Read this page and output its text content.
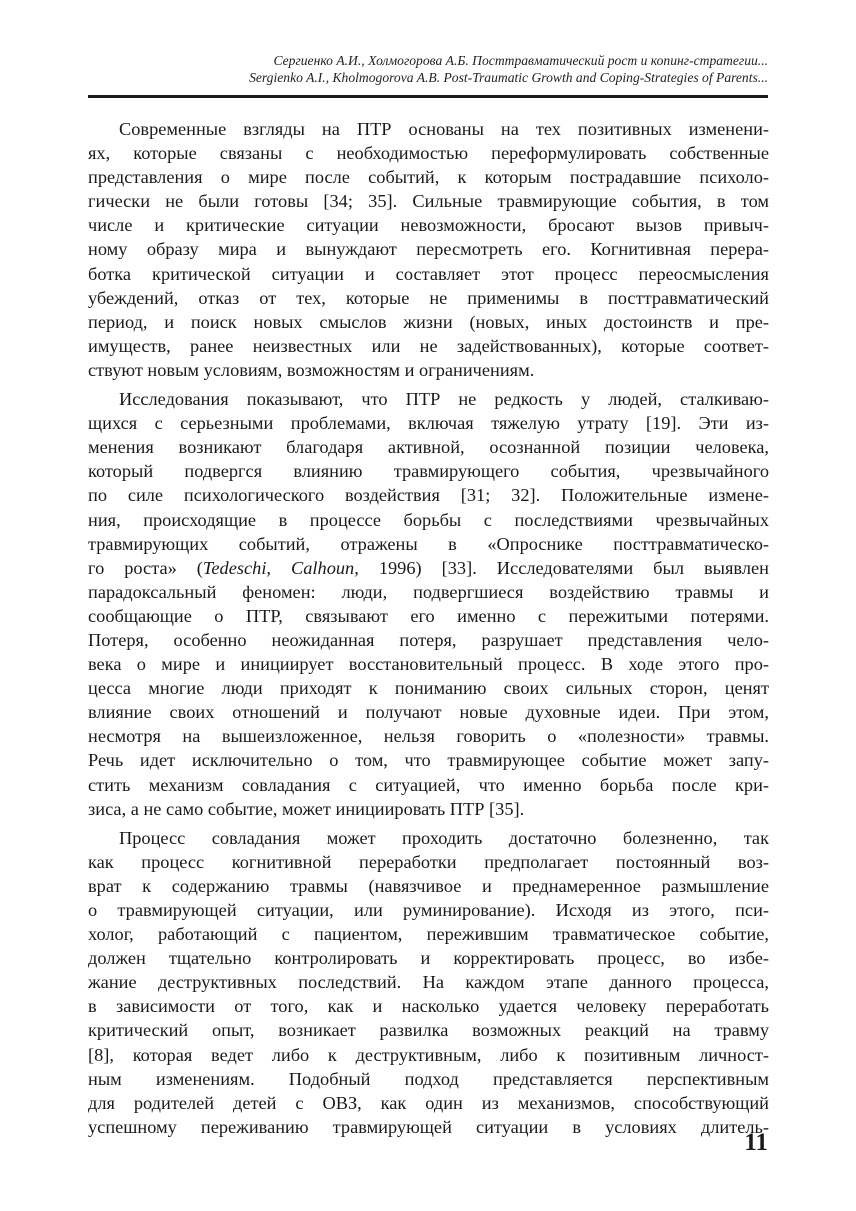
Сергиенко А.И., Холмогорова А.Б. Посттравматический рост и копинг-стратегии...
Sergienko A.I., Kholmogorova A.B. Post-Traumatic Growth and Coping-Strategies of Parents...
Современные взгляды на ПТР основаны на тех позитивных изменени-
ях, которые связаны с необходимостью переформулировать собственные
представления о мире после событий, к которым пострадавшие психоло-
гически не были готовы [34; 35]. Сильные травмирующие события, в том
числе и критические ситуации невозможности, бросают вызов привыч-
ному образу мира и вынуждают пересмотреть его. Когнитивная перера-
ботка критической ситуации и составляет этот процесс переосмысления
убеждений, отказ от тех, которые не применимы в посттравматический
период, и поиск новых смыслов жизни (новых, иных достоинств и пре-
имуществ, ранее неизвестных или не задействованных), которые соответ-
ствуют новым условиям, возможностям и ограничениям.
Исследования показывают, что ПТР не редкость у людей, сталкиваю-
щихся с серьезными проблемами, включая тяжелую утрату [19]. Эти из-
менения возникают благодаря активной, осознанной позиции человека,
который подвергся влиянию травмирующего события, чрезвычайного
по силе психологического воздействия [31; 32]. Положительные измене-
ния, происходящие в процессе борьбы с последствиями чрезвычайных
травмирующих событий, отражены в «Опроснике посттравматическо-
го роста» (Tedeschi, Calhoun, 1996) [33]. Исследователями был выявлен
парадоксальный феномен: люди, подвергшиеся воздействию травмы и
сообщающие о ПТР, связывают его именно с пережитыми потерями.
Потеря, особенно неожиданная потеря, разрушает представления чело-
века о мире и инициирует восстановительный процесс. В ходе этого про-
цесса многие люди приходят к пониманию своих сильных сторон, ценят
влияние своих отношений и получают новые духовные идеи. При этом,
несмотря на вышеизложенное, нельзя говорить о «полезности» травмы.
Речь идет исключительно о том, что травмирующее событие может запу-
стить механизм совладания с ситуацией, что именно борьба после кри-
зиса, а не само событие, может инициировать ПТР [35].
Процесс совладания может проходить достаточно болезненно, так
как процесс когнитивной переработки предполагает постоянный воз-
врат к содержанию травмы (навязчивое и преднамеренное размышление
о травмирующей ситуации, или руминирование). Исходя из этого, пси-
холог, работающий с пациентом, пережившим травматическое событие,
должен тщательно контролировать и корректировать процесс, во избе-
жание деструктивных последствий. На каждом этапе данного процесса,
в зависимости от того, как и насколько удается человеку переработать
критический опыт, возникает развилка возможных реакций на травму
[8], которая ведет либо к деструктивным, либо к позитивным личност-
ным изменениям. Подобный подход представляется перспективным
для родителей детей с ОВЗ, как один из механизмов, способствующий
успешному переживанию травмирующей ситуации в условиях длитель-
11
